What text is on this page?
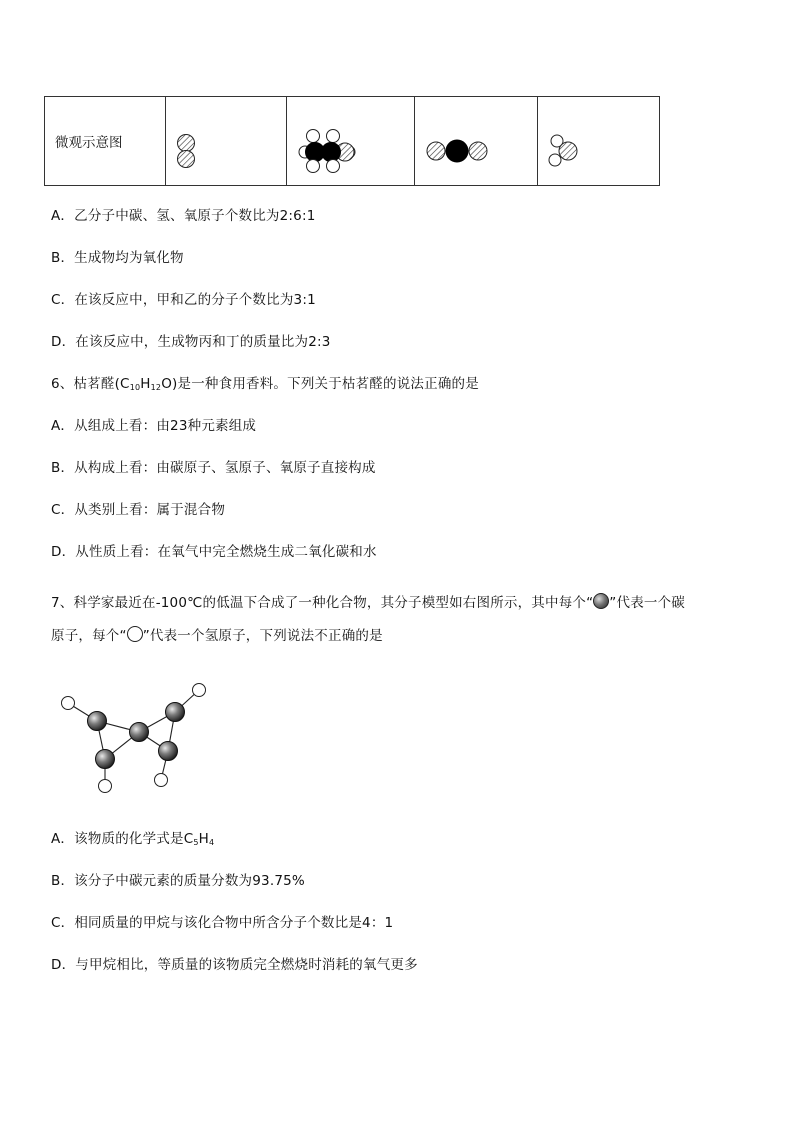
微观示意图	

A．乙分子中碳、氢、氧原子个数比为2:6:1
B．生成物均为氧化物
C．在该反应中，甲和乙的分子个数比为3:1
D．在该反应中，生成物丙和丁的质量比为2:3
6、枯茗醛$(C_{10}H_{12}O)$是一种食用香料。下列关于枯茗醛的说法正确的是
A．从组成上看：由23种元素组成
B．从构成上看：由碳原子、氢原子、氧原子直接构成
C．从类别上看：属于混合物
D．从性质上看：在氧气中完全燃烧生成二氧化碳和水
7、科学家最近在-100℃的低温下合成了一种化合物，其分子模型如右图所示，其中每个“ ”代表一个碳
原子，每个“ ”代表一个氢原子，下列说法不正确的是
A．该物质的化学式是$C_5H_4$
B．该分子中碳元素的质量分数为93.75%
C．相同质量的甲烷与该化合物中所含分子个数比是4：1
D．与甲烷相比，等质量的该物质完全燃烧时消耗的氧气更多
